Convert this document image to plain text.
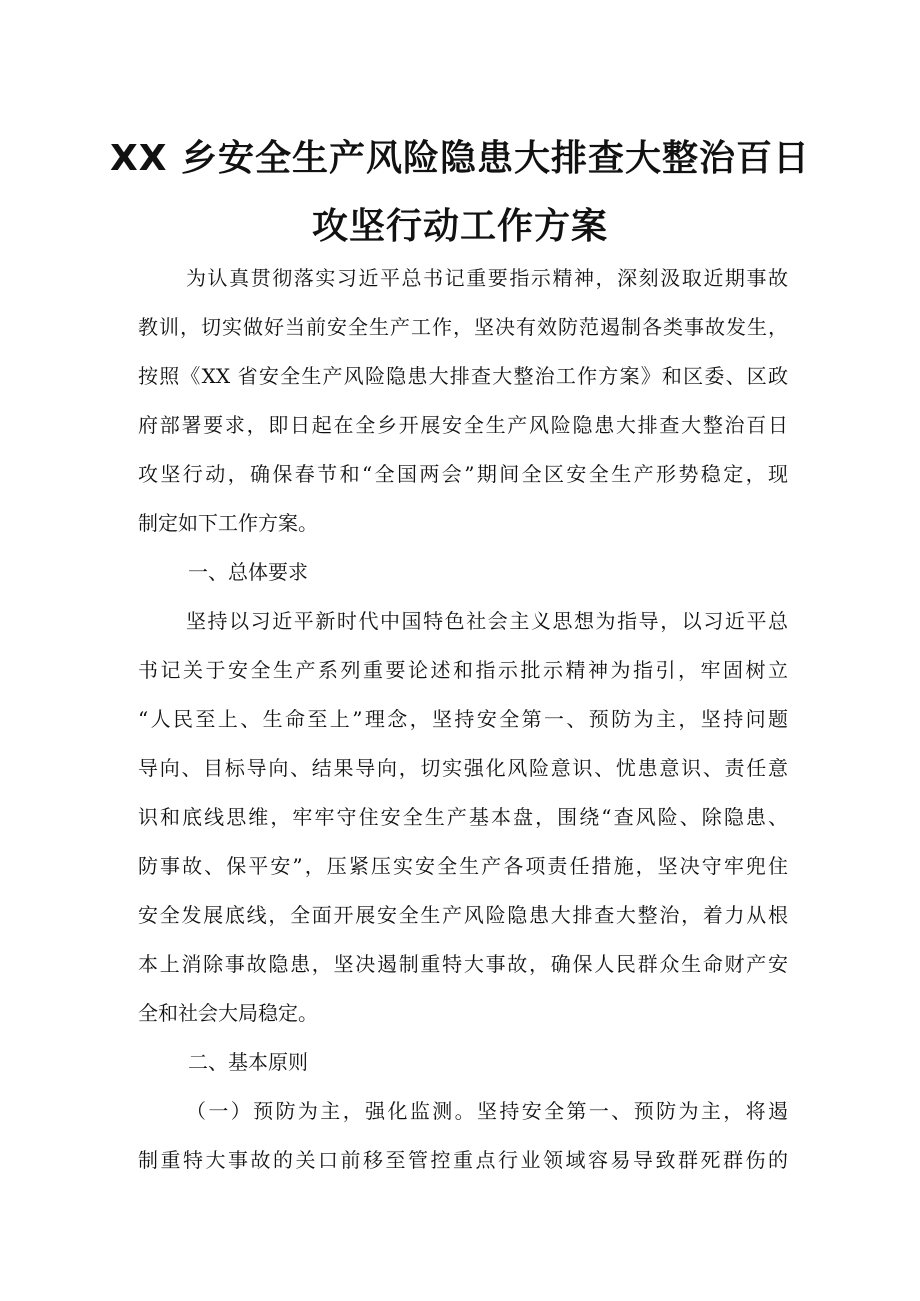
XX 乡安全生产风险隐患大排查大整治百日
攻坚行动工作方案
为认真贯彻落实习近平总书记重要指示精神，深刻汲取近期事故
教训，切实做好当前安全生产工作，坚决有效防范遏制各类事故发生，
按照《XX 省安全生产风险隐患大排查大整治工作方案》和区委、区政
府部署要求，即日起在全乡开展安全生产风险隐患大排查大整治百日
攻坚行动，确保春节和“全国两会”期间全区安全生产形势稳定，现
制定如下工作方案。
一、总体要求
坚持以习近平新时代中国特色社会主义思想为指导，以习近平总
书记关于安全生产系列重要论述和指示批示精神为指引，牢固树立
“人民至上、生命至上”理念，坚持安全第一、预防为主，坚持问题
导向、目标导向、结果导向，切实强化风险意识、忧患意识、责任意
识和底线思维，牢牢守住安全生产基本盘，围绕“查风险、除隐患、
防事故、保平安”，压紧压实安全生产各项责任措施，坚决守牢兜住
安全发展底线，全面开展安全生产风险隐患大排查大整治，着力从根
本上消除事故隐患，坚决遏制重特大事故，确保人民群众生命财产安
全和社会大局稳定。
二、基本原则
（一）预防为主，强化监测。坚持安全第一、预防为主，将遏
制重特大事故的关口前移至管控重点行业领域容易导致群死群伤的
